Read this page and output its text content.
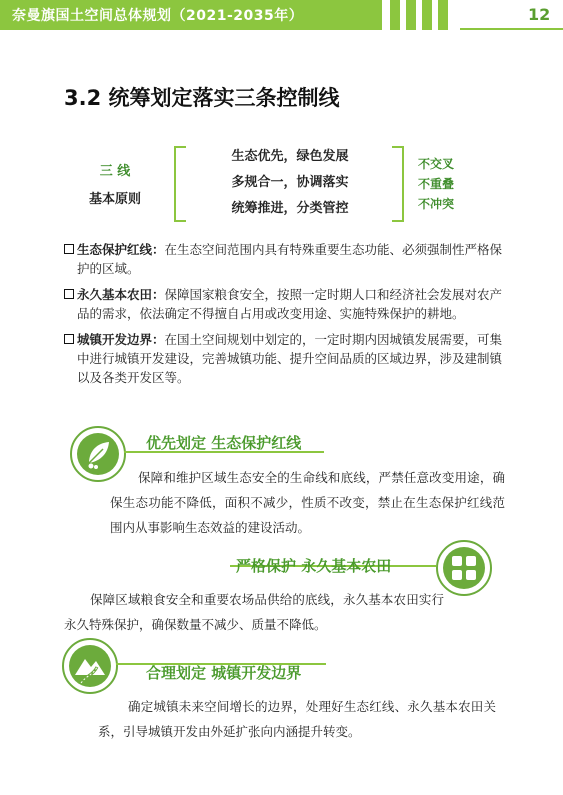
奈曼旗国土空间总体规划（2021-2035年）	12
3.2 统筹划定落实三条控制线
三 线
基本原则
生态优先，绿色发展
多规合一，协调落实
统筹推进，分类管控
不交叉
不重叠
不冲突
生态保护红线：在生态空间范围内具有特殊重要生态功能、必须强制性严格保护的区域。
永久基本农田：保障国家粮食安全，按照一定时期人口和经济社会发展对农产品的需求，依法确定不得擅自占用或改变用途、实施特殊保护的耕地。
城镇开发边界：在国土空间规划中划定的，一定时期内因城镇发展需要，可集中进行城镇开发建设，完善城镇功能、提升空间品质的区域边界，涉及建制镇以及各类开发区等。
优先划定 生态保护红线
保障和维护区域生态安全的生命线和底线，严禁任意改变用途，确保生态功能不降低，面积不减少，性质不改变，禁止在生态保护红线范围内从事影响生态效益的建设活动。
严格保护 永久基本农田
保障区域粮食安全和重要农场品供给的底线，永久基本农田实行永久特殊保护，确保数量不减少、质量不降低。
合理划定 城镇开发边界
确定城镇未来空间增长的边界，处理好生态红线、永久基本农田关系，引导城镇开发由外延扩张向内涵提升转变。
